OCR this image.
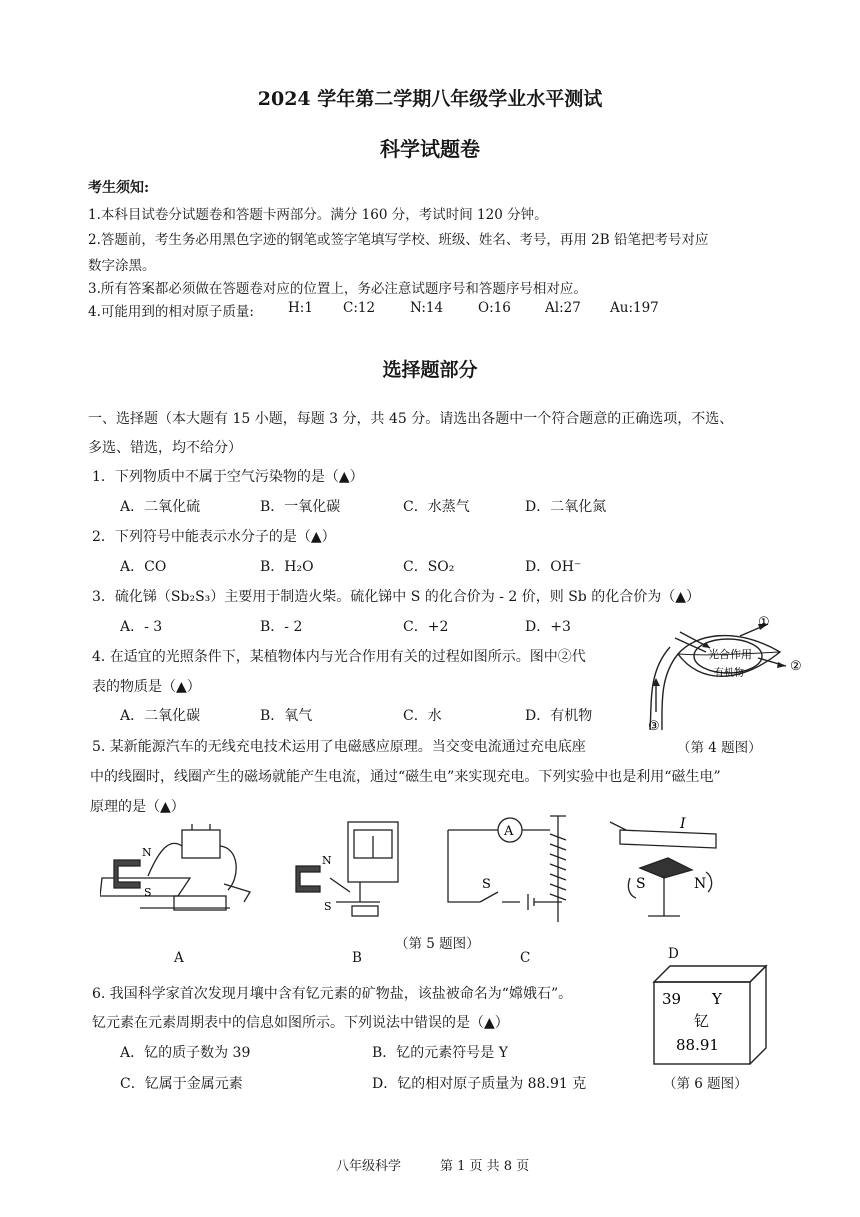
2024 学年第二学期八年级学业水平测试
科学试题卷
考生须知:
1.本科目试卷分试题卷和答题卡两部分。满分 160 分，考试时间 120 分钟。
2.答题前，考生务必用黑色字迹的钢笔或签字笔填写学校、班级、姓名、考号，再用 2B 铅笔把考号对应
数字涂黑。
3.所有答案都必须做在答题卷对应的位置上，务必注意试题序号和答题序号相对应。
4.可能用到的相对原子质量:	H:1 C:12	N:14	O:16	Al:27 Au:197
选择题部分
一、选择题（本大题有 15 小题，每题 3 分，共 45 分。请选出各题中一个符合题意的正确选项，不选、
多选、错选，均不给分）
1．下列物质中不属于空气污染物的是（▲）
A．二氧化硫	B．一氧化碳	C．水蒸气	D．二氧化氮
2．下列符号中能表示水分子的是（▲）
A．CO	B．H₂O	C．SO₂	D．OH⁻
3．硫化锑（Sb₂S₃）主要用于制造火柴。硫化锑中 S 的化合价为 - 2 价，则 Sb 的化合价为（▲）
A．- 3	B．- 2	C．+2	D．+3
4. 在适宜的光照条件下，某植物体内与光合作用有关的过程如图所示。图中②代
表的物质是（▲）
A．二氧化碳	B．氧气	C．水	D．有机物
①
②
③
光合作用
有机物
5. 某新能源汽车的无线充电技术运用了电磁感应原理。当交变电流通过充电底座	（第 4 题图）
中的线圈时，线圈产生的磁场就能产生电流，通过“磁生电”来实现充电。下列实验中也是利用“磁生电”
原理的是（▲）
N
S
N
S
A
S
I
S	N
（第 5 题图）
A	B	C	D
6. 我国科学家首次发现月壤中含有钇元素的矿物盐，该盐被命名为“嫦娥石”。
钇元素在元素周期表中的信息如图所示。下列说法中错误的是（▲）
A．钇的质子数为 39	B．钇的元素符号是 Y
C．钇属于金属元素	D．钇的相对原子质量为 88.91 克
39 Y
钇
88.91
（第 6 题图）
八年级科学	第 1 页 共 8 页
